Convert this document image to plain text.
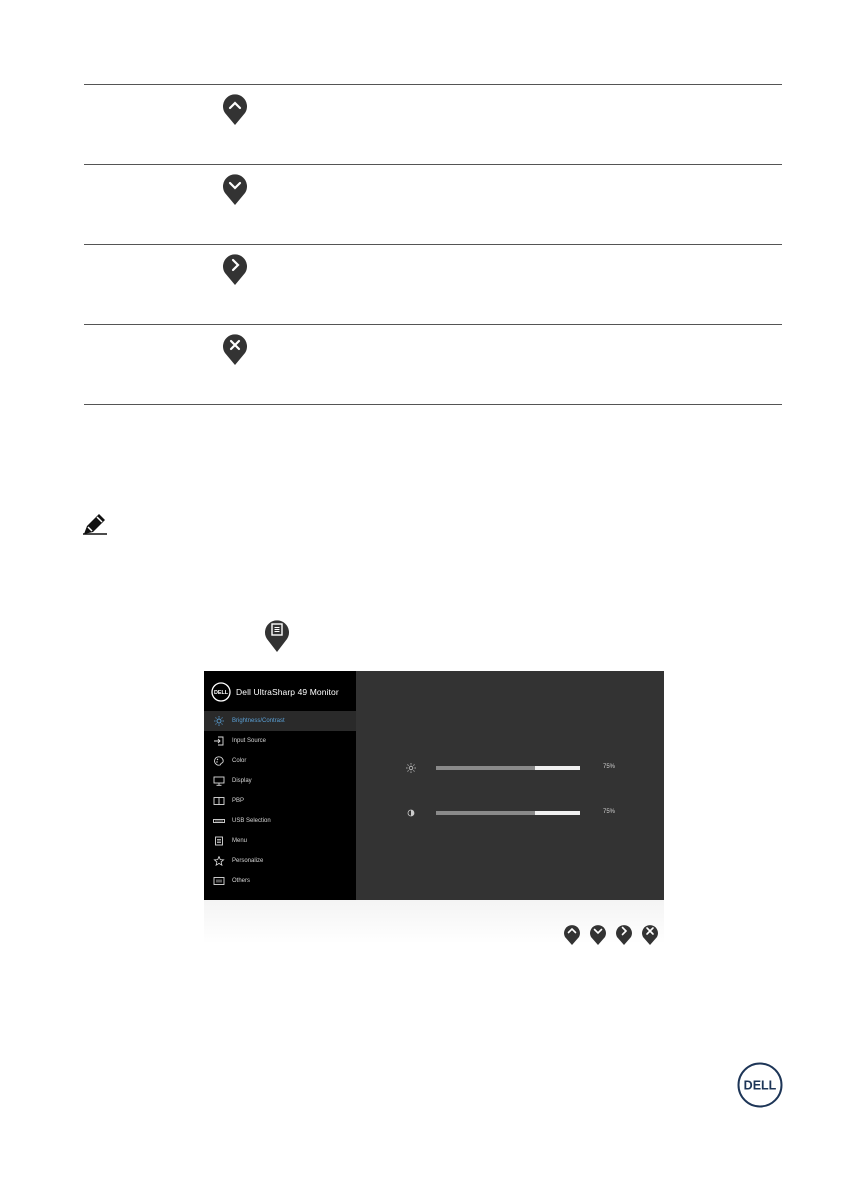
DELL Dell UltraSharp 49 Monitor
Brightness/Contrast
Input Source
Color
Display
PBP
USB Selection
Menu
Personalize
Others
75%
75%
DELL
